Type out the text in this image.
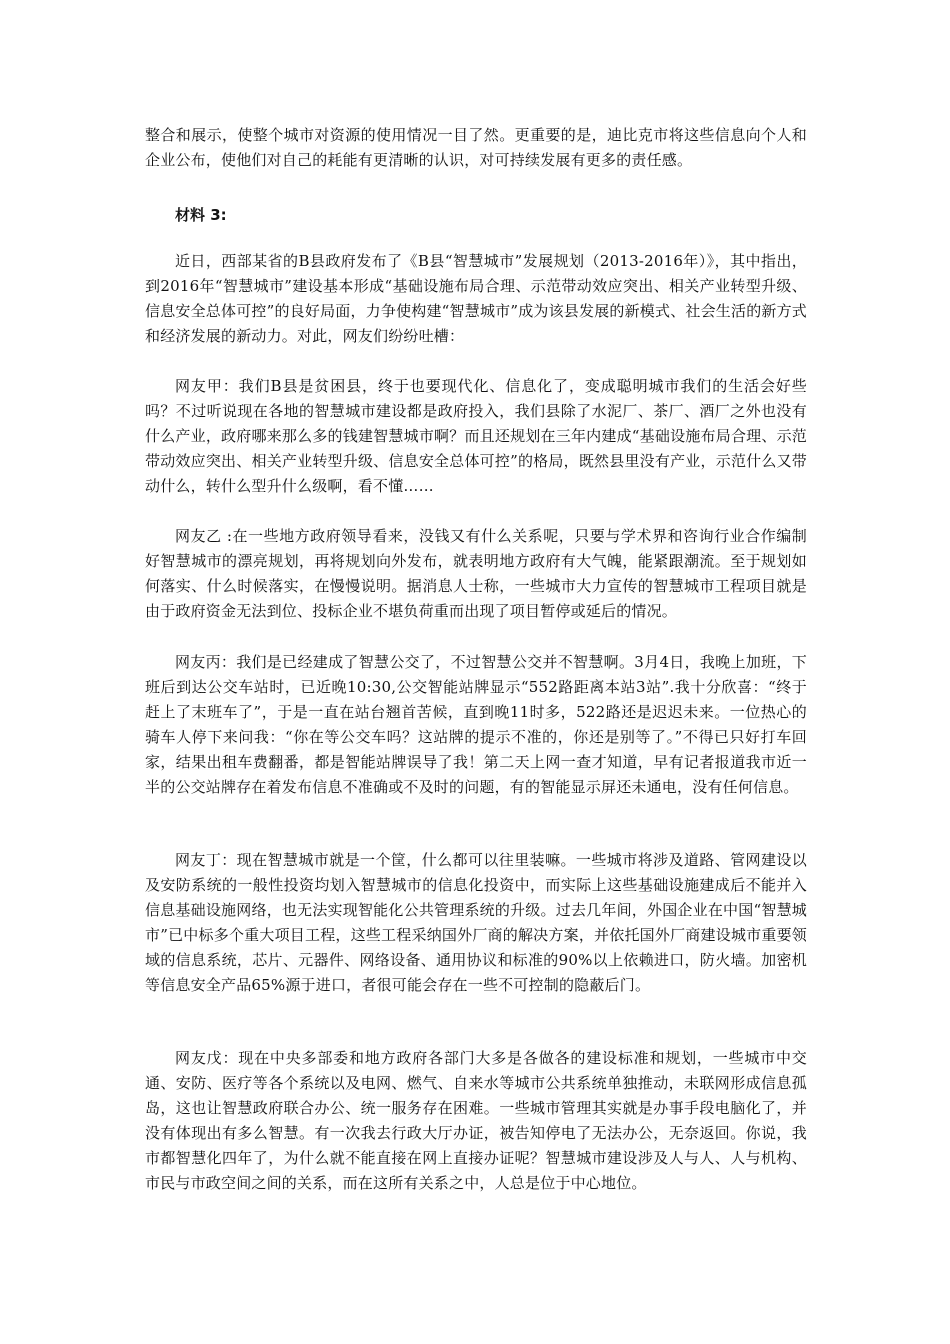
整合和展示，使整个城市对资源的使用情况一目了然。更重要的是，迪比克市将这些信息向个人和企业公布，使他们对自己的耗能有更清晰的认识，对可持续发展有更多的责任感。

材料 3:

近日，西部某省的B县政府发布了《B县“智慧城市”发展规划（2013-2016年）》，其中指出，到2016年“智慧城市”建设基本形成“基础设施布局合理、示范带动效应突出、相关产业转型升级、信息安全总体可控”的良好局面，力争使构建“智慧城市”成为该县发展的新模式、社会生活的新方式和经济发展的新动力。对此，网友们纷纷吐槽：

网友甲：我们B县是贫困县，终于也要现代化、信息化了，变成聪明城市我们的生活会好些吗？不过听说现在各地的智慧城市建设都是政府投入，我们县除了水泥厂、茶厂、酒厂之外也没有什么产业，政府哪来那么多的钱建智慧城市啊？而且还规划在三年内建成“基础设施布局合理、示范带动效应突出、相关产业转型升级、信息安全总体可控”的格局，既然县里没有产业，示范什么又带动什么，转什么型升什么级啊，看不懂……

网友乙 :在一些地方政府领导看来，没钱又有什么关系呢，只要与学术界和咨询行业合作编制好智慧城市的漂亮规划，再将规划向外发布，就表明地方政府有大气魄，能紧跟潮流。至于规划如何落实、什么时候落实，在慢慢说明。据消息人士称，一些城市大力宣传的智慧城市工程项目就是由于政府资金无法到位、投标企业不堪负荷重而出现了项目暂停或延后的情况。

网友丙：我们是已经建成了智慧公交了，不过智慧公交并不智慧啊。3月4日，我晚上加班，下班后到达公交车站时，已近晚10:30,公交智能站牌显示“552路距离本站3站”.我十分欣喜：“终于赶上了末班车了”，于是一直在站台翘首苦候，直到晚11时多，522路还是迟迟未来。一位热心的骑车人停下来问我：“你在等公交车吗？这站牌的提示不准的，你还是别等了。”不得已只好打车回家，结果出租车费翻番，都是智能站牌误导了我！第二天上网一查才知道，早有记者报道我市近一半的公交站牌存在着发布信息不准确或不及时的问题，有的智能显示屏还未通电，没有任何信息。

网友丁：现在智慧城市就是一个筐，什么都可以往里装嘛。一些城市将涉及道路、管网建设以及安防系统的一般性投资均划入智慧城市的信息化投资中，而实际上这些基础设施建成后不能并入信息基础设施网络，也无法实现智能化公共管理系统的升级。过去几年间，外国企业在中国“智慧城市”已中标多个重大项目工程，这些工程采纳国外厂商的解决方案，并依托国外厂商建设城市重要领域的信息系统，芯片、元器件、网络设备、通用协议和标准的90%以上依赖进口，防火墙。加密机等信息安全产品65%源于进口，者很可能会存在一些不可控制的隐蔽后门。

网友戊：现在中央多部委和地方政府各部门大多是各做各的建设标准和规划，一些城市中交通、安防、医疗等各个系统以及电网、燃气、自来水等城市公共系统单独推动，未联网形成信息孤岛，这也让智慧政府联合办公、统一服务存在困难。一些城市管理其实就是办事手段电脑化了，并没有体现出有多么智慧。有一次我去行政大厅办证，被告知停电了无法办公，无奈返回。你说，我市都智慧化四年了，为什么就不能直接在网上直接办证呢？智慧城市建设涉及人与人、人与机构、市民与市政空间之间的关系，而在这所有关系之中，人总是位于中心地位。
